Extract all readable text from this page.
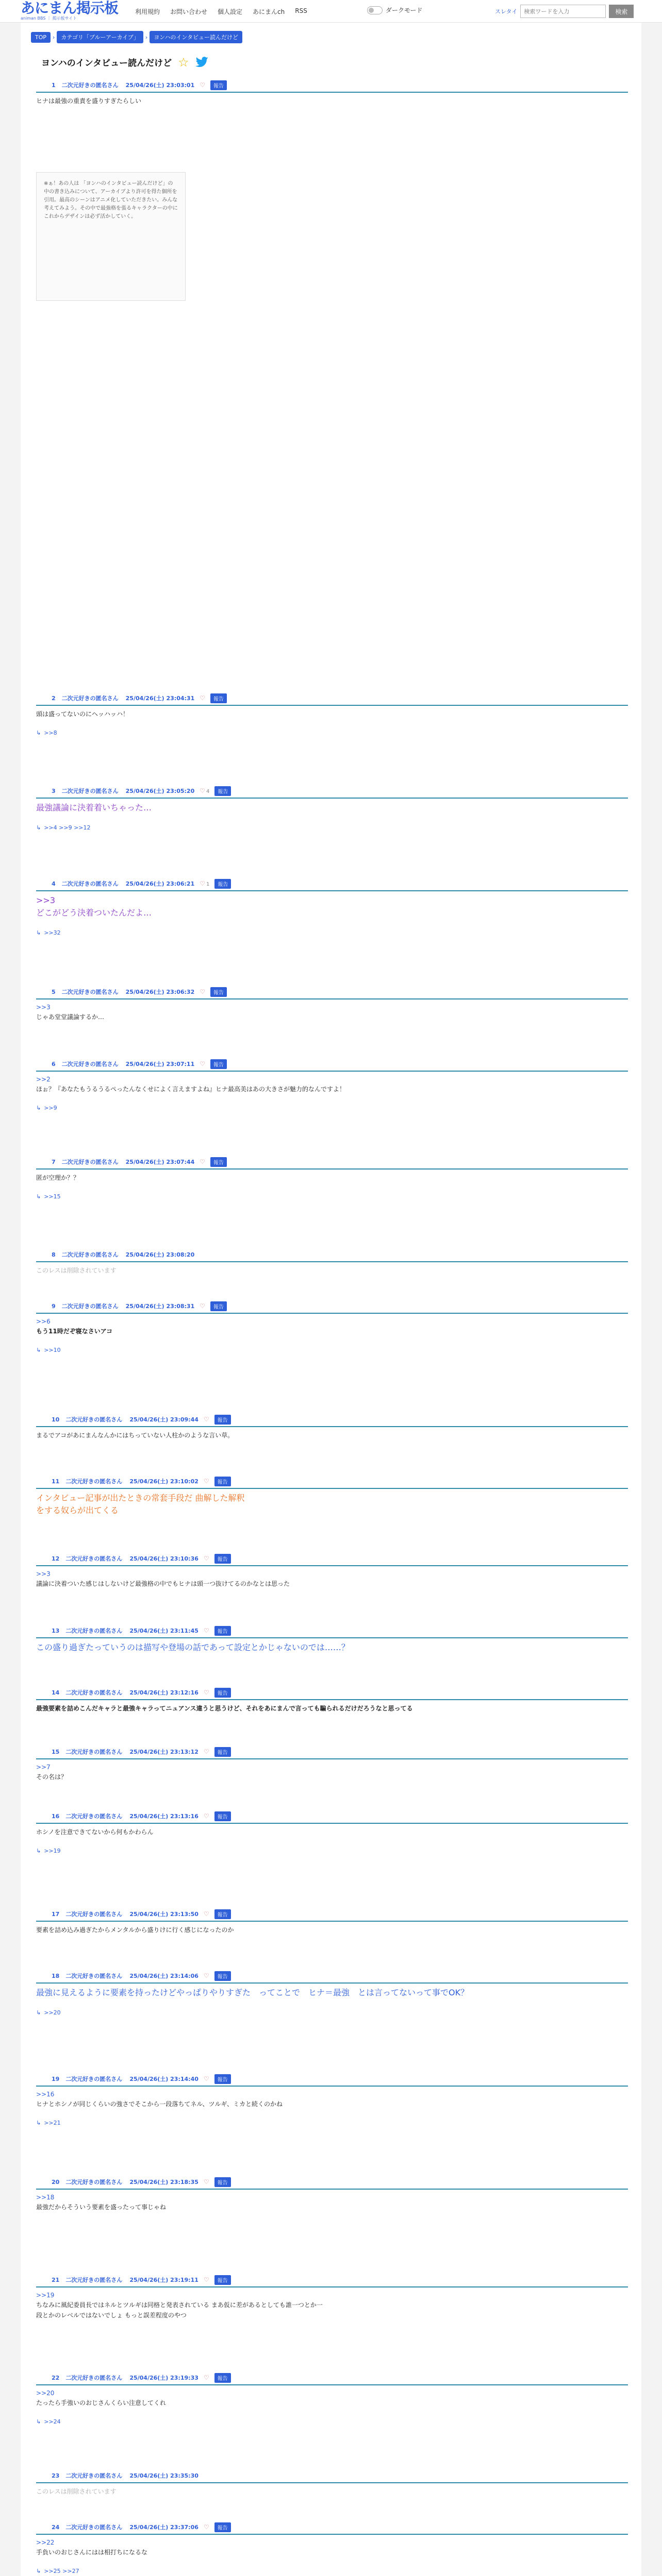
あにまん掲示板
animan BBS ｜ 掲示板サイト
利用規約 お問い合わせ 個人設定 あにまんch RSS	ダークモード	スレタイ
検索ワードを入力	検索
TOP	›	カテゴリ「ブルーアーカイブ」	›	ヨンハのインタビュー読んだけど
ヨンハのインタビュー読んだけど ☆
1 二次元好きの匿名さん 25/04/26(土) 23:03:01 ♡	報告
ヒナは最強の重責を盛りすぎたらしい
※ぁ！あの人は 「ヨンハのインタビュー読んだけど」の中の書き込みについて、アーカイブより許可を得た個所を引用。最高のシーンはアニメ化していただきたい。みんな考えてみよう。その中で最強格を張るキャラクターの中にこれからデザインは必ず活かしていく。
2 二次元好きの匿名さん 25/04/26(土) 23:04:31 ♡	報告
頭は盛ってないのにヘッハッハ！
↳ >>8
3 二次元好きの匿名さん 25/04/26(土) 23:05:20 ♡ 4	報告
最強議論に決着着いちゃった…
↳ >>4 >>9 >>12
4 二次元好きの匿名さん 25/04/26(土) 23:06:21 ♡ 1	報告
>>3
どこがどう決着ついたんだよ…
↳ >>32
5 二次元好きの匿名さん 25/04/26(土) 23:06:32 ♡	報告
>>3
じゃあ堂堂議論するか…
6 二次元好きの匿名さん 25/04/26(土) 23:07:11 ♡	報告
>>2
ほぉ？『あなたもうるうるぺったんなくせによく言えますよね』ヒナ最高美はあの大きさが魅力的なんですよ！
↳ >>9
7 二次元好きの匿名さん 25/04/26(土) 23:07:44 ♡	報告
匿が空理か？？
↳ >>15
8 二次元好きの匿名さん 25/04/26(土) 23:08:20
このレスは削除されています
9 二次元好きの匿名さん 25/04/26(土) 23:08:31 ♡	報告
>>6
もう11時だぞ寝なさいアコ
↳ >>10
10 二次元好きの匿名さん 25/04/26(土) 23:09:44 ♡	報告
まるでアコがあにまんなんかにはちっていない人柱かのような言い草。
11 二次元好きの匿名さん 25/04/26(土) 23:10:02 ♡	報告
インタビュー記事が出たときの常套手段だ 曲解した解釈をする奴らが出てくる
12 二次元好きの匿名さん 25/04/26(土) 23:10:36 ♡	報告
>>3
議論に決着ついた感じはしないけど最強格の中でもヒナは頭一つ抜けてるのかなとは思った
13 二次元好きの匿名さん 25/04/26(土) 23:11:45 ♡	報告
この盛り過ぎたっていうのは描写や登場の話であって設定とかじゃないのでは……？
14 二次元好きの匿名さん 25/04/26(土) 23:12:16 ♡	報告
最強要素を詰めこんだキャラと最強キャラってニュアンス違うと思うけど、それをあにまんで言っても騙られるだけだろうなと思ってる
15 二次元好きの匿名さん 25/04/26(土) 23:13:12 ♡	報告
>>7
その名は？
16 二次元好きの匿名さん 25/04/26(土) 23:13:16 ♡	報告
ホシノを注意できてないから何もかわらん
↳ >>19
17 二次元好きの匿名さん 25/04/26(土) 23:13:50 ♡	報告
要素を詰め込み過ぎたからメンタルから盛りけに行く感じになったのか
18 二次元好きの匿名さん 25/04/26(土) 23:14:06 ♡	報告
最強に見えるように要素を持ったけどやっぱりやりすぎた　ってことで　ヒナ＝最強　とは言ってないって事でOK？
↳ >>20
19 二次元好きの匿名さん 25/04/26(土) 23:14:40 ♡	報告
>>16
ヒナとホシノが同じくらいの強さでそこから一段落ちてネル、ツルギ、ミカと続くのかね
↳ >>21
20 二次元好きの匿名さん 25/04/26(土) 23:18:35 ♡	報告
>>18
最強だからそういう要素を盛ったって事じゃね
21 二次元好きの匿名さん 25/04/26(土) 23:19:11 ♡	報告
>>19
ちなみに風紀委員長ではネルとツルギは同格と発表されている まあ仮に差があるとしても誰一つとか一段とかのレベルではないでしょ もっと誤差程度のやつ
22 二次元好きの匿名さん 25/04/26(土) 23:19:33 ♡	報告
>>20
たったら手強いのおじさんくらい注意してくれ
↳ >>24
23 二次元好きの匿名さん 25/04/26(土) 23:35:30
このレスは削除されています
24 二次元好きの匿名さん 25/04/26(土) 23:37:06 ♡	報告
>>22
手負いのおじさんにはは相打ちになるな
↳ >>25 >>27
